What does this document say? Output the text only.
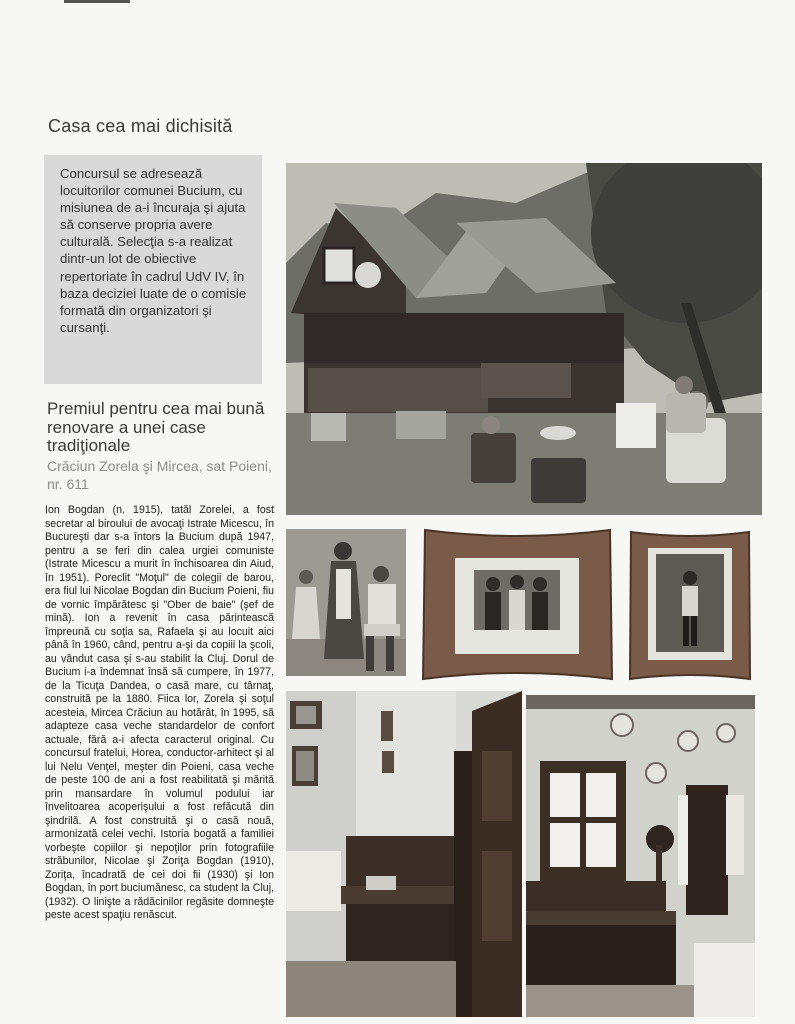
Casa cea mai dichisită

Concursul se adresează locuitorilor comunei Bucium, cu misiunea de a-i încuraja şi ajuta să conserve propria avere culturală. Selecţia s-a realizat dintr-un lot de obiective repertoriate în cadrul UdV IV, în baza deciziei luate de o comisie formată din organizatori şi cursanţi.

Premiul pentru cea mai bună renovare a unei case tradiţionale
Crăciun Zorela şi Mircea, sat Poieni, nr. 611

Ion Bogdan (n. 1915), tatăl Zorelei, a fost secretar al biroului de avocaţi Istrate Micescu, în Bucureşti dar s-a întors la Bucium după 1947, pentru a se feri din calea urgiei comuniste (Istrate Micescu a murit în închisoarea din Aiud, în 1951). Poreclit "Moţul" de colegii de barou, era fiul lui Nicolae Bogdan din Bucium Poieni, fiu de vornic împărătesc şi "Ober de baie" (şef de mină). Ion a revenit în casa părintească împreună cu soţia sa, Rafaela şi au locuit aici până în 1960, când, pentru a-şi da copiii la şcoli, au vândut casa şi s-au stabilit la Cluj. Dorul de Bucium i-a îndemnat însă să cumpere, în 1977, de la Ticuţa Dandea, o casă mare, cu târnaţ, construită pe la 1880. Fiica lor, Zorela şi soţul acesteia, Mircea Crăciun au hotărât, în 1995, să adapteze casa veche standardelor de confort actuale, fără a-i afecta caracterul original. Cu concursul fratelui, Horea, conductor-arhitect şi al lui Nelu Venţel, meşter din Poieni, casa veche de peste 100 de ani a fost reabilitată şi mărită prin mansardare în volumul podului iar învelitoarea acoperişului a fost refăcută din şindrilă. A fost construită şi o casă nouă, armonizată celei vechi. Istoria bogată a familiei vorbeşte copiilor şi nepoţilor prin fotografiile străbunilor, Nicolae şi Zoriţa Bogdan (1910), Zoriţa, încadrată de cei doi fii (1930) şi Ion Bogdan, în port buciumănesc, ca student la Cluj, (1932). O linişte a rădăcinilor regăsite domneşte peste acest spaţiu renăscut.
